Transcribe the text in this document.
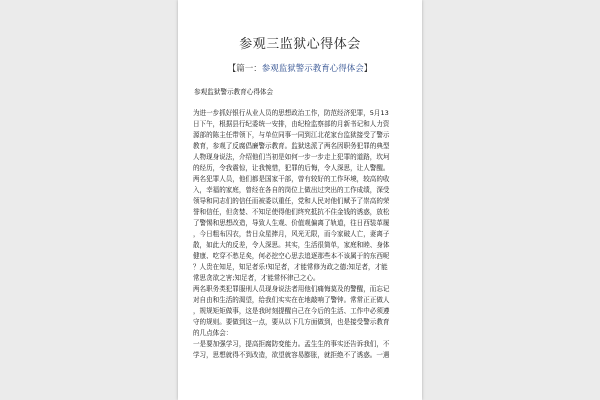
参观三监狱心得体会
【篇一：参观监狱警示教育心得体会】
参观监狱警示教育心得体会
为进一步抓好银行从业人员的思想政治工作，防范经济犯罪，5月13
日下午，根据县行纪委统一安排，由纪检监察部的月新书记和人力资
源部的陈主任带领下，与单位同事一同到江北花家台监狱接受了警示
教育，参观了反腐倡廉警示教育。监狱选派了两名因职务犯罪的典型
人物现身说法，介绍他们当初是如何一步一步走上犯罪的道路，坎坷
的经历，令我震惊，让我惋惜，犯罪的后悔，令人深思，让人警醒。
两名犯罪人员，他们都是国家干部，曾有较好的工作环境，较高的收
入，幸福的家庭，曾经在各自的岗位上做出过突出的工作成绩，深受
领导和同志们的信任而被委以重任，党和人民对他们赋予了崇高的荣
誉和信任，但贪婪、不知足使得他们终究抵抗不住金钱的诱惑，放松
了警惕和思想改造，导致人生观、价值观偏离了轨道，往日西装革履
，今日粗布囚衣，昔日众星捧月，风光无限，而今家破人亡，妻离子
散，如此大的反差，令人深思。其实，生活很简单，家庭和睦、身体
健康、吃穿不愁足矣，何必挖空心思去追逐那些本不该属于的东西呢
？人贵在知足，知足者乐!知足者，才能常修为政之德;知足者，才能
常思贪欲之害;知足者，才能常怀律己之心。
两名职务类犯罪服刑人员现身说法者用他们痛悔莫及的警醒，而忘记
对自由和生活的渴望，给我们实实在在地敲响了警钟。常常正正做人
，规规矩矩做事，这是我时刻提醒自己在今后的生活、工作中必须遵
守的规则。要做到这一点，要从以下几方面做到，也是接受警示教育
的几点体会：
一是要加强学习，提高拒腐防变能力。孟生生的事实还告诉我们，不
学习，思想就得不到改造，欲望就容易膨胀，就拒绝不了诱惑。一遇
